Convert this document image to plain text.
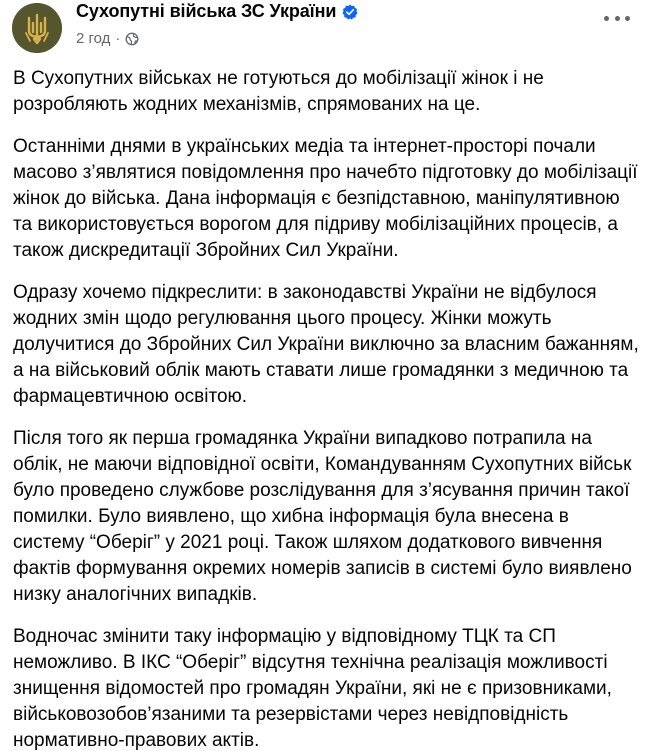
Сухопутні війська ЗС України
2 год ·

В Сухопутних військах не готуються до мобілізації жінок і не розробляють жодних механізмів, спрямованих на це.

Останніми днями в українських медіа та інтернет-просторі почали масово з’являтися повідомлення про начебто підготовку до мобілізації жінок до війська. Дана інформація є безпідставною, маніпулятивною та використовується ворогом для підриву мобілізаційних процесів, а також дискредитації Збройних Сил України.

Одразу хочемо підкреслити: в законодавстві України не відбулося жодних змін щодо регулювання цього процесу. Жінки можуть долучитися до Збройних Сил України виключно за власним бажанням, а на військовий облік мають ставати лише громадянки з медичною та фармацевтичною освітою.

Після того як перша громадянка України випадково потрапила на облік, не маючи відповідної освіти, Командуванням Сухопутних військ було проведено службове розслідування для з’ясування причин такої помилки. Було виявлено, що хибна інформація була внесена в систему “Оберіг” у 2021 році. Також шляхом додаткового вивчення фактів формування окремих номерів записів в системі було виявлено низку аналогічних випадків.

Водночас змінити таку інформацію у відповідному ТЦК та СП неможливо. В ІКС “Оберіг” відсутня технічна реалізація можливості знищення відомостей про громадян України, які не є призовниками, військовозобов’язаними та резервістами через невідповідність нормативно-правових актів.
